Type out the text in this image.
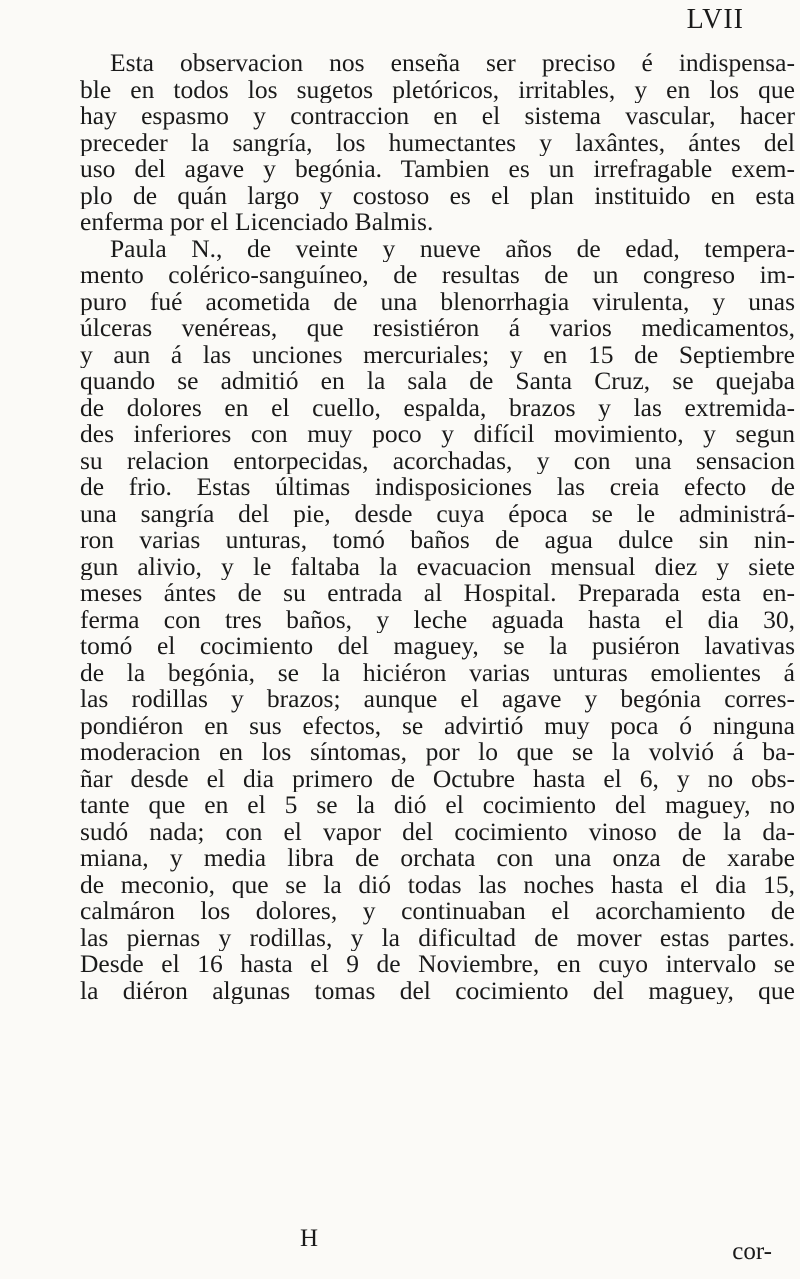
LVII
Esta observacion nos enseña ser preciso é indispensa-
ble en todos los sugetos pletóricos, irritables, y en los que
hay espasmo y contraccion en el sistema vascular, hacer
preceder la sangría, los humectantes y laxântes, ántes del
uso del agave y begónia. Tambien es un irrefragable exem-
plo de quán largo y costoso es el plan instituido en esta
enferma por el Licenciado Balmis.
Paula N., de veinte y nueve años de edad, tempera-
mento colérico-sanguíneo, de resultas de un congreso im-
puro fué acometida de una blenorrhagia virulenta, y unas
úlceras venéreas, que resistiéron á varios medicamentos,
y aun á las unciones mercuriales; y en 15 de Septiembre
quando se admitió en la sala de Santa Cruz, se quejaba
de dolores en el cuello, espalda, brazos y las extremida-
des inferiores con muy poco y difícil movimiento, y segun
su relacion entorpecidas, acorchadas, y con una sensacion
de frio. Estas últimas indisposiciones las creia efecto de
una sangría del pie, desde cuya época se le administrá-
ron varias unturas, tomó baños de agua dulce sin nin-
gun alivio, y le faltaba la evacuacion mensual diez y siete
meses ántes de su entrada al Hospital. Preparada esta en-
ferma con tres baños, y leche aguada hasta el dia 30,
tomó el cocimiento del maguey, se la pusiéron lavativas
de la begónia, se la hiciéron varias unturas emolientes á
las rodillas y brazos; aunque el agave y begónia corres-
pondiéron en sus efectos, se advirtió muy poca ó ninguna
moderacion en los síntomas, por lo que se la volvió á ba-
ñar desde el dia primero de Octubre hasta el 6, y no obs-
tante que en el 5 se la dió el cocimiento del maguey, no
sudó nada; con el vapor del cocimiento vinoso de la da-
miana, y media libra de orchata con una onza de xarabe
de meconio, que se la dió todas las noches hasta el dia 15,
calmáron los dolores, y continuaban el acorchamiento de
las piernas y rodillas, y la dificultad de mover estas partes.
Desde el 16 hasta el 9 de Noviembre, en cuyo intervalo se
la diéron algunas tomas del cocimiento del maguey, que
H	cor-
